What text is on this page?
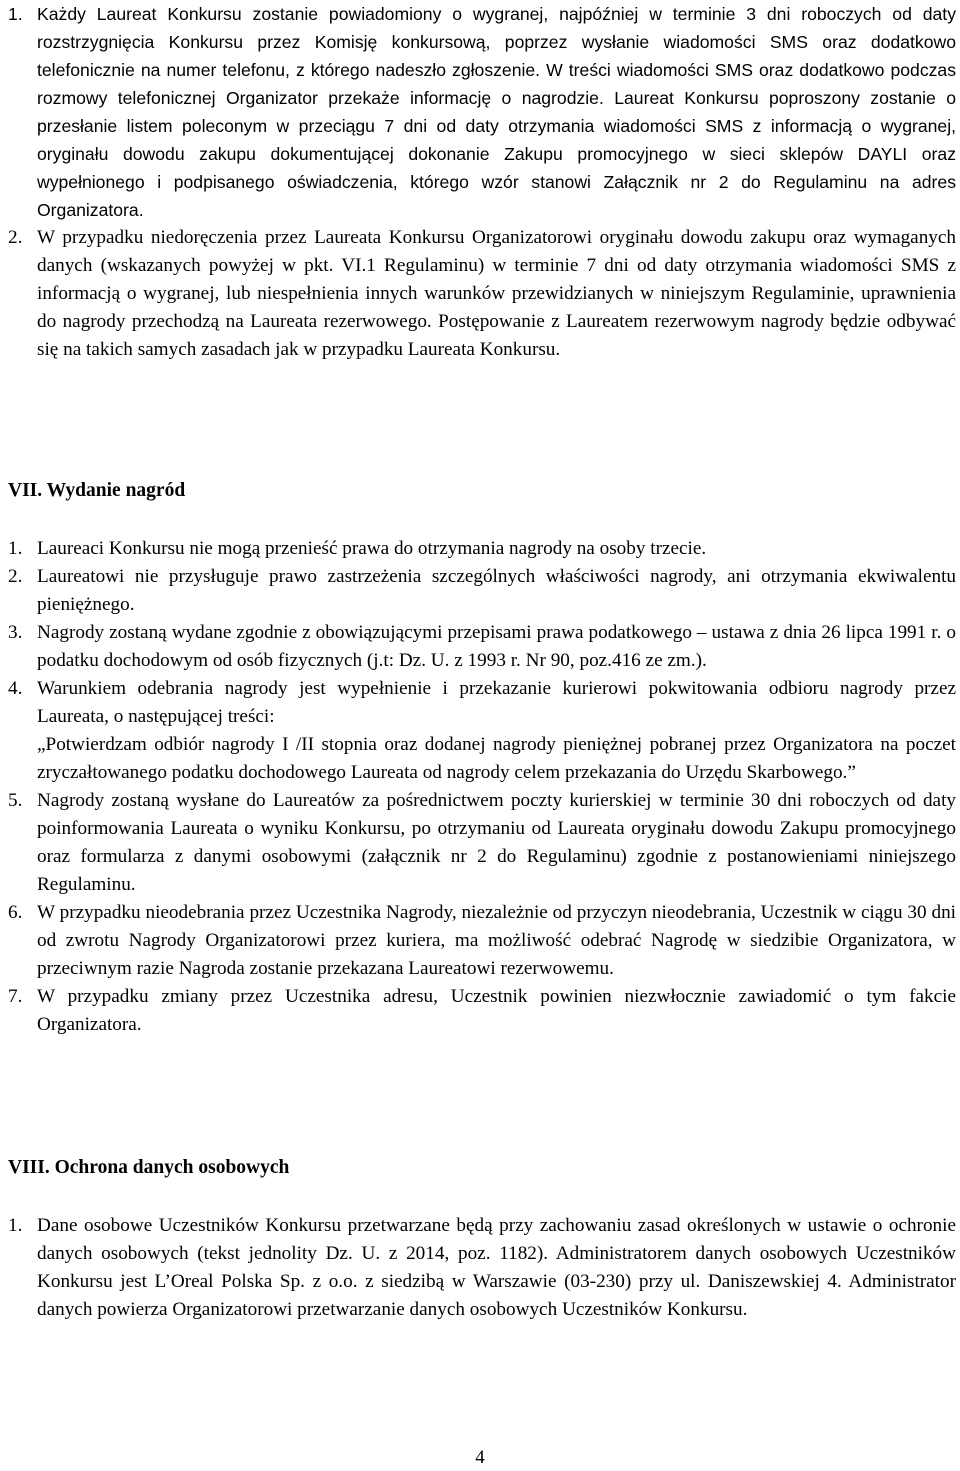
1. Każdy Laureat Konkursu zostanie powiadomiony o wygranej, najpóźniej w terminie 3 dni roboczych od daty rozstrzygnięcia Konkursu przez Komisję konkursową, poprzez wysłanie wiadomości SMS oraz dodatkowo telefonicznie na numer telefonu, z którego nadeszło zgłoszenie. W treści wiadomości SMS oraz dodatkowo podczas rozmowy telefonicznej Organizator przekaże informację o nagrodzie. Laureat Konkursu poproszony zostanie o przesłanie listem poleconym w przeciągu 7 dni od daty otrzymania wiadomości SMS z informacją o wygranej, oryginału dowodu zakupu dokumentującej dokonanie Zakupu promocyjnego w sieci sklepów DAYLI oraz wypełnionego i podpisanego oświadczenia, którego wzór stanowi Załącznik nr 2 do Regulaminu na adres Organizatora.
2. W przypadku niedoręczenia przez Laureata Konkursu Organizatorowi oryginału dowodu zakupu oraz wymaganych danych (wskazanych powyżej w pkt. VI.1 Regulaminu) w terminie 7 dni od daty otrzymania wiadomości SMS z informacją o wygranej, lub niespełnienia innych warunków przewidzianych w niniejszym Regulaminie, uprawnienia do nagrody przechodzą na Laureata rezerwowego. Postępowanie z Laureatem rezerwowym nagrody będzie odbywać się na takich samych zasadach jak w przypadku Laureata Konkursu.
VII. Wydanie nagród
1. Laureaci Konkursu nie mogą przenieść prawa do otrzymania nagrody na osoby trzecie.
2. Laureatowi nie przysługuje prawo zastrzeżenia szczególnych właściwości nagrody, ani otrzymania ekwiwalentu pieniężnego.
3. Nagrody zostaną wydane zgodnie z obowiązującymi przepisami prawa podatkowego – ustawa z dnia 26 lipca 1991 r. o podatku dochodowym od osób fizycznych (j.t: Dz. U. z 1993 r. Nr 90, poz.416 ze zm.).
4. Warunkiem odebrania nagrody jest wypełnienie i przekazanie kurierowi pokwitowania odbioru nagrody przez Laureata, o następującej treści:
„Potwierdzam odbiór nagrody I /II stopnia oraz dodanej nagrody pieniężnej pobranej przez Organizatora na poczet zryczałtowanego podatku dochodowego Laureata od nagrody celem przekazania do Urzędu Skarbowego.”
5. Nagrody zostaną wysłane do Laureatów za pośrednictwem poczty kurierskiej w terminie 30 dni roboczych od daty poinformowania Laureata o wyniku Konkursu, po otrzymaniu od Laureata oryginału dowodu Zakupu promocyjnego oraz formularza z danymi osobowymi (załącznik nr 2 do Regulaminu) zgodnie z postanowieniami niniejszego Regulaminu.
6. W przypadku nieodebrania przez Uczestnika Nagrody, niezależnie od przyczyn nieodebrania, Uczestnik w ciągu 30 dni od zwrotu Nagrody Organizatorowi przez kuriera, ma możliwość odebrać Nagrodę w siedzibie Organizatora, w przeciwnym razie Nagroda zostanie przekazana Laureatowi rezerwowemu.
7. W przypadku zmiany przez Uczestnika adresu, Uczestnik powinien niezwłocznie zawiadomić o tym fakcie Organizatora.
VIII. Ochrona danych osobowych
1. Dane osobowe Uczestników Konkursu przetwarzane będą przy zachowaniu zasad określonych w ustawie o ochronie danych osobowych (tekst jednolity Dz. U. z 2014, poz. 1182). Administratorem danych osobowych Uczestników Konkursu jest L’Oreal Polska Sp. z o.o. z siedzibą w Warszawie (03-230) przy ul. Daniszewskiej 4. Administrator danych powierza Organizatorowi przetwarzanie danych osobowych Uczestników Konkursu.
4
